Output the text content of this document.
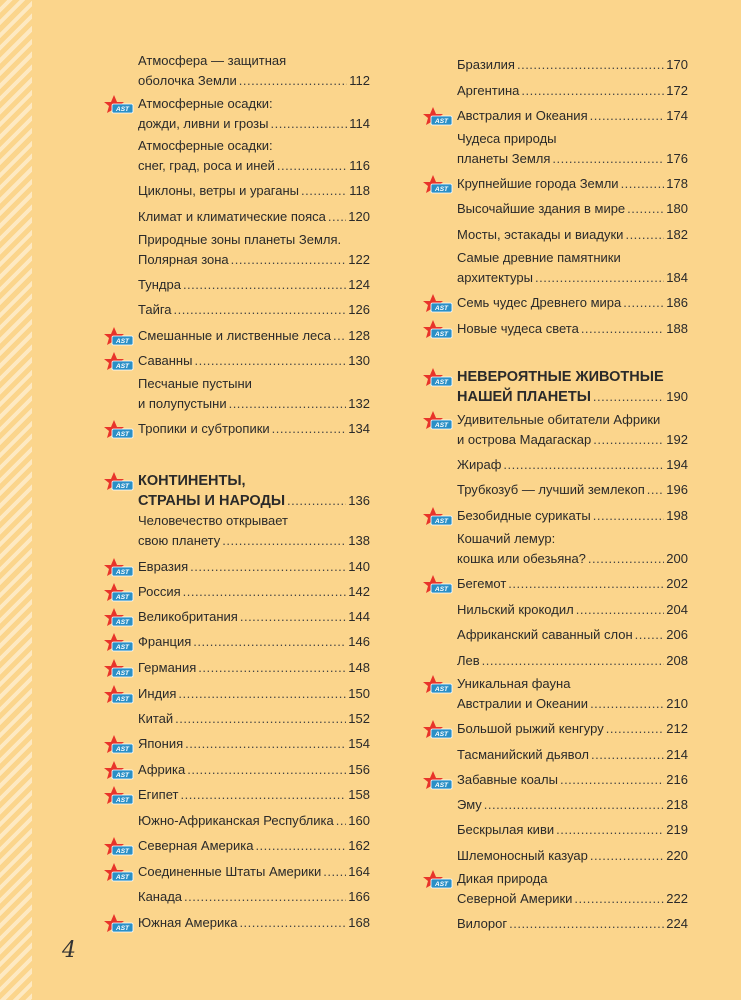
Атмосфера — защитная
оболочка Земли .....	112
Атмосферные осадки:
дожди, ливни и грозы .....	114
AST
Атмосферные осадки:
снег, град, роса и иней .....	116
Циклоны, ветры и ураганы .....	118
Климат и климатические пояса ..... 120
Природные зоны планеты Земля.
Полярная зона .....	122
Тундра .....	124
Тайга .....	126
Смешанные и лиственные леса ..... 128
AST
Саванны .....	130
AST
Песчаные пустыни
и полупустыни .....	132
Тропики и субтропики .....	134
AST
КОНТИНЕНТЫ,
СТРАНЫ И НАРОДЫ .....	136
AST
Человечество открывает
свою планету .....	138
Евразия .....	140
AST
Россия .....	142
AST
Великобритания .....	144
AST
Франция .....	146
AST
Германия .....	148
AST
Индия .....	150
AST
Китай .....	152
Япония .....	154
AST
Африка .....	156
AST
Египет .....	158
AST
Южно-Африканская Республика ..... 160
Северная Америка .....	162
AST
Соединенные Штаты Америки ..... 164
AST
Канада .....	166
Южная Америка .....	168
AST
Бразилия .....	170
Аргентина .....	172
Австралия и Океания .....	174
AST
Чудеса природы
планеты Земля .....	176
Крупнейшие города Земли .....	178
AST
Высочайшие здания в мире .....	180
Мосты, эстакады и виадуки .....	182
Самые древние памятники
архитектуры .....	184
Семь чудес Древнего мира .....	186
AST
Новые чудеса света .....	188
AST
НЕВЕРОЯТНЫЕ ЖИВОТНЫЕ
НАШЕЙ ПЛАНЕТЫ .....	190
AST
Удивительные обитатели Африки
и острова Мадагаскар .....	192
AST
Жираф .....	194
Трубкозуб — лучший землекоп ..... 196
Безобидные сурикаты .....	198
AST
Кошачий лемур:
кошка или обезьяна? .....	200
Бегемот .....	202
AST
Нильский крокодил .....	204
Африканский саванный слон .....	206
Лев .....	208
Уникальная фауна
Австралии и Океании .....	210
AST
Большой рыжий кенгуру .....	212
AST
Тасманийский дьявол .....	214
Забавные коалы .....	216
AST
Эму .....	218
Бескрылая киви .....	219
Шлемоносный казуар .....	220
Дикая природа
Северной Америки .....	222
AST
Вилорог .....	224
4
